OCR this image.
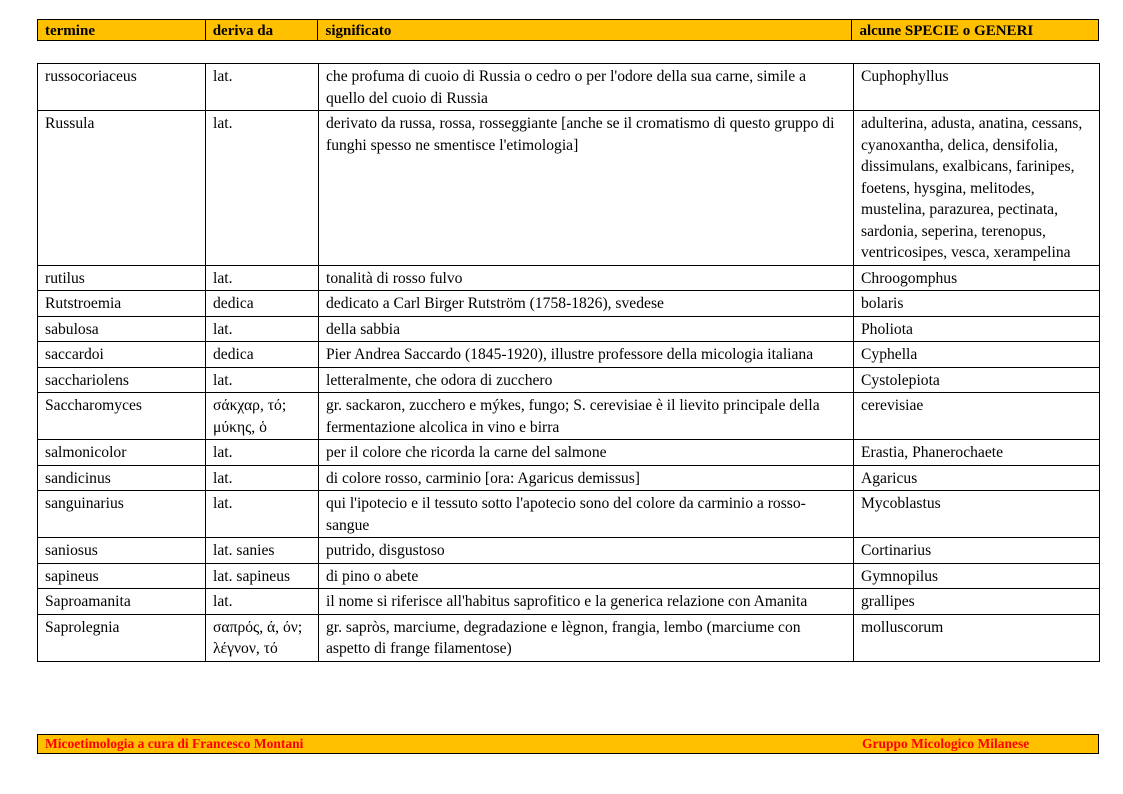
termine	deriva da	significato	alcune SPECIE o GENERI
russocoriaceus	lat.	che profuma di cuoio di Russia o cedro o per l'odore della sua carne, simile a quello del cuoio di Russia	Cuphophyllus
Russula	lat.	derivato da russa, rossa, rosseggiante [anche se il cromatismo di questo gruppo di funghi spesso ne smentisce l'etimologia]	adulterina, adusta, anatina, cessans, cyanoxantha, delica, densifolia, dissimulans, exalbicans, farinipes, foetens, hysgina, melitodes, mustelina, parazurea, pectinata, sardonia, seperina, terenopus, ventricosipes, vesca, xerampelina
rutilus	lat.	tonalità di rosso fulvo	Chroogomphus
Rutstroemia	dedica	dedicato a Carl Birger Rutström (1758-1826), svedese	bolaris
sabulosa	lat.	della sabbia	Pholiota
saccardoi	dedica	Pier Andrea Saccardo (1845-1920), illustre professore della micologia italiana	Cyphella
sacchariolens	lat.	letteralmente, che odora di zucchero	Cystolepiota
Saccharomyces	σάκχαρ, τό; μύκης, ὁ	gr. sackaron, zucchero e mýkes, fungo; S. cerevisiae è il lievito principale della fermentazione alcolica in vino e birra	cerevisiae
salmonicolor	lat.	per il colore che ricorda la carne del salmone	Erastia, Phanerochaete
sandicinus	lat.	di colore rosso, carminio [ora: Agaricus demissus]	Agaricus
sanguinarius	lat.	qui l'ipotecio e il tessuto sotto l'apotecio sono del colore da carminio a rosso-sangue	Mycoblastus
saniosus	lat. sanies	putrido, disgustoso	Cortinarius
sapineus	lat. sapineus	di pino o abete	Gymnopilus
Saproamanita	lat.	il nome si riferisce all'habitus saprofitico e la generica relazione con Amanita	grallipes
Saprolegnia	σαπρός, ά, όν; λέγνον, τό	gr. sapròs, marciume, degradazione e lègnon, frangia, lembo (marciume con aspetto di frange filamentose)	molluscorum
Micoetimologia a cura di Francesco Montani	Gruppo Micologico Milanese
